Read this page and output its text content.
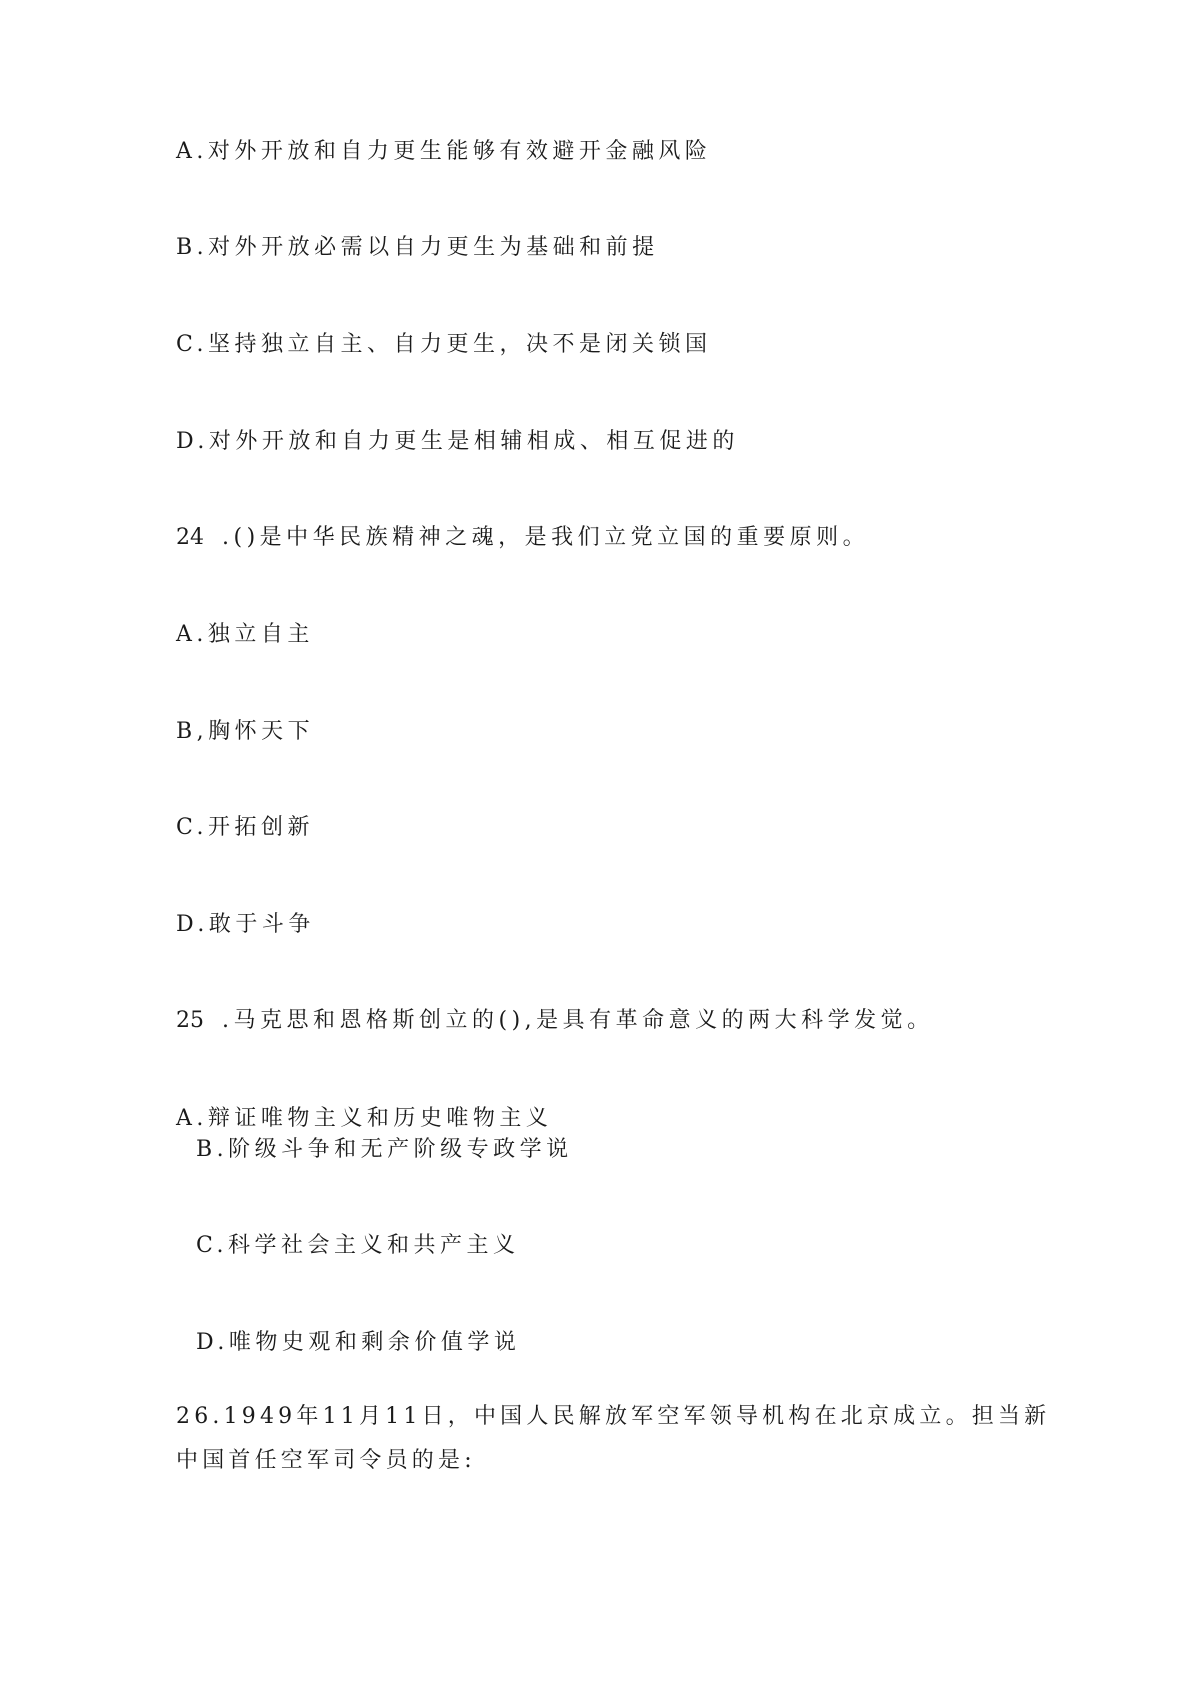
A.对外开放和自力更生能够有效避开金融风险

B.对外开放必需以自力更生为基础和前提

C.坚持独立自主、自力更生，决不是闭关锁国

D.对外开放和自力更生是相辅相成、相互促进的

24 .()是中华民族精神之魂，是我们立党立国的重要原则。

A.独立自主

B,胸怀天下

C.开拓创新

D.敢于斗争

25 .马克思和恩格斯创立的(),是具有革命意义的两大科学发觉。

A.辩证唯物主义和历史唯物主义

B.阶级斗争和无产阶级专政学说

C.科学社会主义和共产主义

D.唯物史观和剩余价值学说

26.1949年11月11日，中国人民解放军空军领导机构在北京成立。担当新中国首任空军司令员的是:
